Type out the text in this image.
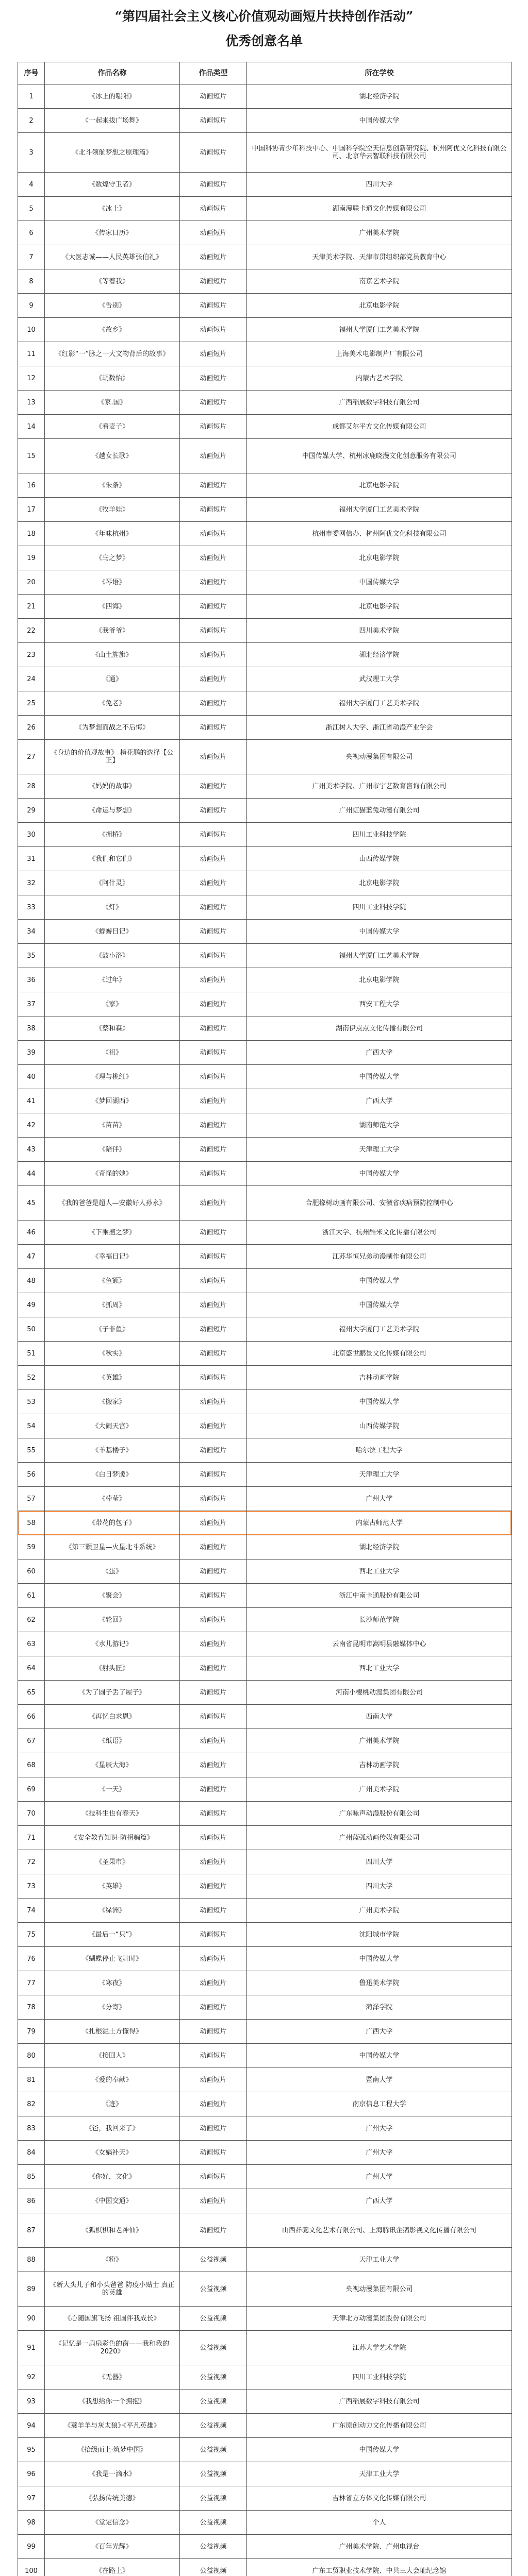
“第四届社会主义核心价值观动画短片扶持创作活动”
优秀创意名单
序号	作品名称	作品类型	所在学校
1	《冰上的嗤阳》	动画短片	湖北经济学院
2	《一起来拔广场舞》	动画短片	中国传媒大学
3	《北斗领航梦想之原理篇》	动画短片	中国科协青少年科技中心、中国科学院空天信息创新研究院、杭州阿优文化科技有限公司、北京华云智联科技有限公司
4	《数煌守卫者》	动画短片	四川大学
5	《冰上》	动画短片	湖南漫联卡通文化传媒有限公司
6	《传家日历》	动画短片	广州美术学院
7	《大医志诚——人民英雄张伯礼》	动画短片	天津美术学院、天津市贯组织部党员教育中心
8	《等着我》	动画短片	南京艺术学院
9	《告别》	动画短片	北京电影学院
10	《故乡》	动画短片	福州大学厦门工艺美术学院
11	《红影“一”脉之一大文物背后的故事》	动画短片	上海美术电影制片厂有限公司
12	《胡数怡》	动画短片	内蒙古艺术学院
13	《家.国》	动画短片	广西稻展数字科技有限公司
14	《看麦子》	动画短片	成都艾尔平方文化传媒有限公司
15	《越女长歌》	动画短片	中国传媒大学、杭州冰鹿晓漫文化创意服务有限公司
16	《朱条》	动画短片	北京电影学院
17	《牧羊娃》	动画短片	福州大学厦门工艺美术学院
18	《年味杭州》	动画短片	杭州市委网信办、杭州阿优文化科技有限公司
19	《乌之梦》	动画短片	北京电影学院
20	《琴语》	动画短片	中国传媒大学
21	《四海》	动画短片	北京电影学院
22	《我爷爷》	动画短片	四川美术学院
23	《山土旌旗》	动画短片	湖北经济学院
24	《通》	动画短片	武汉理工大学
25	《免老》	动画短片	福州大学厦门工艺美术学院
26	《为梦想而战之不后悔》	动画短片	浙江树人大学、浙江省动漫产业学会
27	《身边的价值观故事》 榜花鹏的选择【公正】	动画短片	央视动漫集团有限公司
28	《妈妈的故事》	动画短片	广州美术学院、广州市宇艺数育咨询有限公司
29	《命运与梦想》	动画短片	广州虹猫蓝兔动漫有限公司
30	《拥桥》	动画短片	四川工业科技学院
31	《我们和它们》	动画短片	山西传媒学院
32	《阿什灵》	动画短片	北京电影学院
33	《灯》	动画短片	四川工业科技学院
34	《蜉蝣日记》	动画短片	中国传媒大学
35	《鼓小洛》	动画短片	福州大学厦门工艺美术学院
36	《过年》	动画短片	北京电影学院
37	《家》	动画短片	西安工程大学
38	《蔡和森》	动画短片	湖南伊点点文化传播有限公司
39	《祖》	动画短片	广西大学
40	《理与桃红》	动画短片	中国传媒大学
41	《梦回湖西》	动画短片	广西大学
42	《苗苗》	动画短片	湖南师范大学
43	《陪伴》	动画短片	天津理工大学
44	《奇怪的她》	动画短片	中国传媒大学
45	《我的爸爸是超人—安徽好人孙永》	动画短片	合肥橡树动画有限公司、安徽省疾病预防控制中心
46	《下乘擅之梦》	动画短片	浙江大学、杭州酷米文化传播有限公司
47	《幸福日记》	动画短片	江苏华恒兄弟动漫制作有限公司
48	《鱼额》	动画短片	中国传媒大学
49	《抓周》	动画短片	中国传媒大学
50	《子非鱼》	动画短片	福州大学厦门工艺美术学院
51	《秋实》	动画短片	北京盛世鹏景文化传媒有限公司
52	《英雄》	动画短片	吉林动画学院
53	《搬家》	动画短片	中国传媒大学
54	《大闹天宫》	动画短片	山西传媒学院
55	《羊基楼子》	动画短片	哈尔滨工程大学
56	《白日梦魇》	动画短片	天津理工大学
57	《棒莹》	动画短片	广州大学
58	《带花的包子》	动画短片	内蒙古师范大学
59	《第三颗卫星—火星北斗系统》	动画短片	湖北经济学院
60	《蛋》	动画短片	西北工业大学
61	《聚会》	动画短片	浙江中南卡通股份有限公司
62	《轮回》	动画短片	长沙师范学院
63	《水儿游记》	动画短片	云南省昆明市嵩明县融媒体中心
64	《射头匠》	动画短片	西北工业大学
65	《为了圆子丢了屋子》	动画短片	河南小樱桃动漫集团有限公司
66	《再忆白求恩》	动画短片	西南大学
67	《纸语》	动画短片	广州美术学院
68	《星辰大海》	动画短片	吉林动画学院
69	《一天》	动画短片	广州美术学院
70	《技科生也有春天》	动画短片	广东咏声动漫股份有限公司
71	《安全教育知识-防拐骗篇》	动画短片	广州蓝弧动画传媒有限公司
72	《圣果市》	动画短片	四川大学
73	《英雄》	动画短片	四川大学
74	《绿洲》	动画短片	广州美术学院
75	《最后一“只”》	动画短片	沈阳城市学院
76	《蝴蝶停止飞舞时》	动画短片	中国传媒大学
77	《寒夜》	动画短片	鲁迅美术学院
78	《分寄》	动画短片	菏泽学院
79	《扎根泥土方懂得》	动画短片	广西大学
80	《接回人》	动画短片	中国传媒大学
81	《爱的奉献》	动画短片	暨南大学
82	《迹》	动画短片	南京信息工程大学
83	《爸，我回来了》	动画短片	广州大学
84	《女娲补天》	动画短片	广州大学
85	《你好，文化》	动画短片	广州大学
86	《中国交通》	动画短片	广西大学
87	《狐棋棋和老神仙》	动画短片	山西祥骢文化艺术有限公司、上海腾讯企鹅影视文化传播有限公司
88	《粉》	公益视频	天津工业大学
89	《新大头儿子和小头爸爸 防疫小贴士 真正的英雄	公益视频	央视动漫集团有限公司
90	《心随国旗飞扬 祖国伴我成长》	公益视频	天津北方动漫集团股份有限公司
91	《记忆是一扇扇彩色的窗——我和我的2020》	公益视频	江苏大学艺术学院
92	《无器》	公益视频	四川工业科技学院
93	《我想给你一个拥抱》	公益视频	广西稻展数字科技有限公司
94	《蓑羊羊与灰太狼》·《平凡英雄》	公益视频	广东原创动力文化传播有限公司
95	《拾级而上·筑梦中国》	公益视频	中国传媒大学
96	《我是一滴水》	公益视频	天津工业大学
97	《弘扬传统美德》	公益视频	吉林省立方体文化传媒有限公司
98	《堂定信念》	公益视频	个人
99	《百年光辉》	公益视频	广州美术学院、广州电视台
100	《在路上》	公益视频	广东工贸职业技术学院、中共三大会址纪念馆
